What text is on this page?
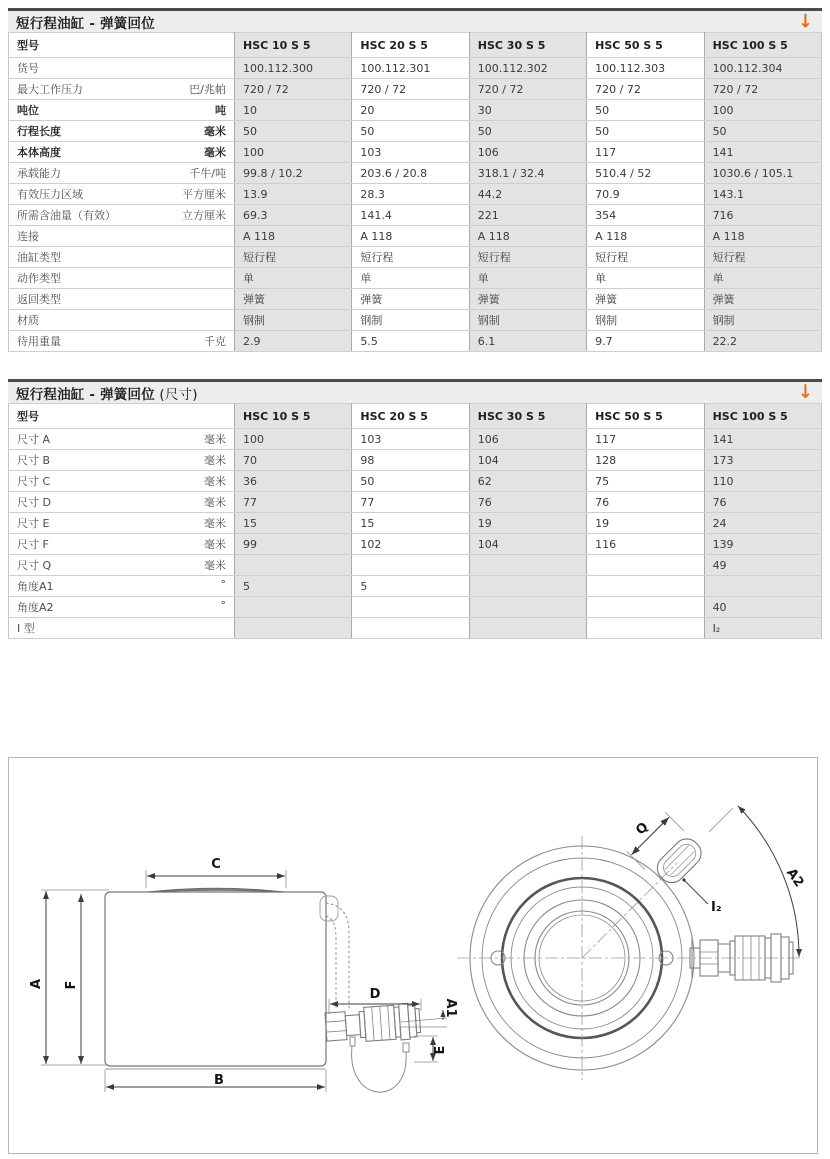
短行程油缸 - 弹簧回位	↓
型号	HSC 10 S 5	HSC 20 S 5	HSC 30 S 5	HSC 50 S 5	HSC 100 S 5
货号	100.112.300	100.112.301	100.112.302	100.112.303	100.112.304
最大工作压力 巴/兆帕	720 / 72	720 / 72	720 / 72	720 / 72	720 / 72
吨位 吨	10	20	30	50	100
行程长度 毫米	50	50	50	50	50
本体高度 毫米	100	103	106	117	141
承载能力 千牛/吨	99.8 / 10.2	203.6 / 20.8	318.1 / 32.4	510.4 / 52	1030.6 / 105.1
有效压力区域 平方厘米	13.9	28.3	44.2	70.9	143.1
所需含油量（有效） 立方厘米	69.3	141.4	221	354	716
连接	A 118	A 118	A 118	A 118	A 118
油缸类型	短行程	短行程	短行程	短行程	短行程
动作类型	单	单	单	单	单
返回类型	弹簧	弹簧	弹簧	弹簧	弹簧
材质	钢制	钢制	钢制	钢制	钢制
待用重量 千克	2.9	5.5	6.1	9.7	22.2
短行程油缸 - 弹簧回位 (尺寸)	↓
型号	HSC 10 S 5	HSC 20 S 5	HSC 30 S 5	HSC 50 S 5	HSC 100 S 5
尺寸 A 毫米	100	103	106	117	141
尺寸 B 毫米	70	98	104	128	173
尺寸 C 毫米	36	50	62	75	110
尺寸 D 毫米	77	77	76	76	76
尺寸 E 毫米	15	15	19	19	24
尺寸 F 毫米	99	102	104	116	139
尺寸 Q 毫米					49
角度A1 °	5	5			
角度A2 °					40
I 型					I₂
A F
C
B
D
A1
E
Q
I₂
A2
